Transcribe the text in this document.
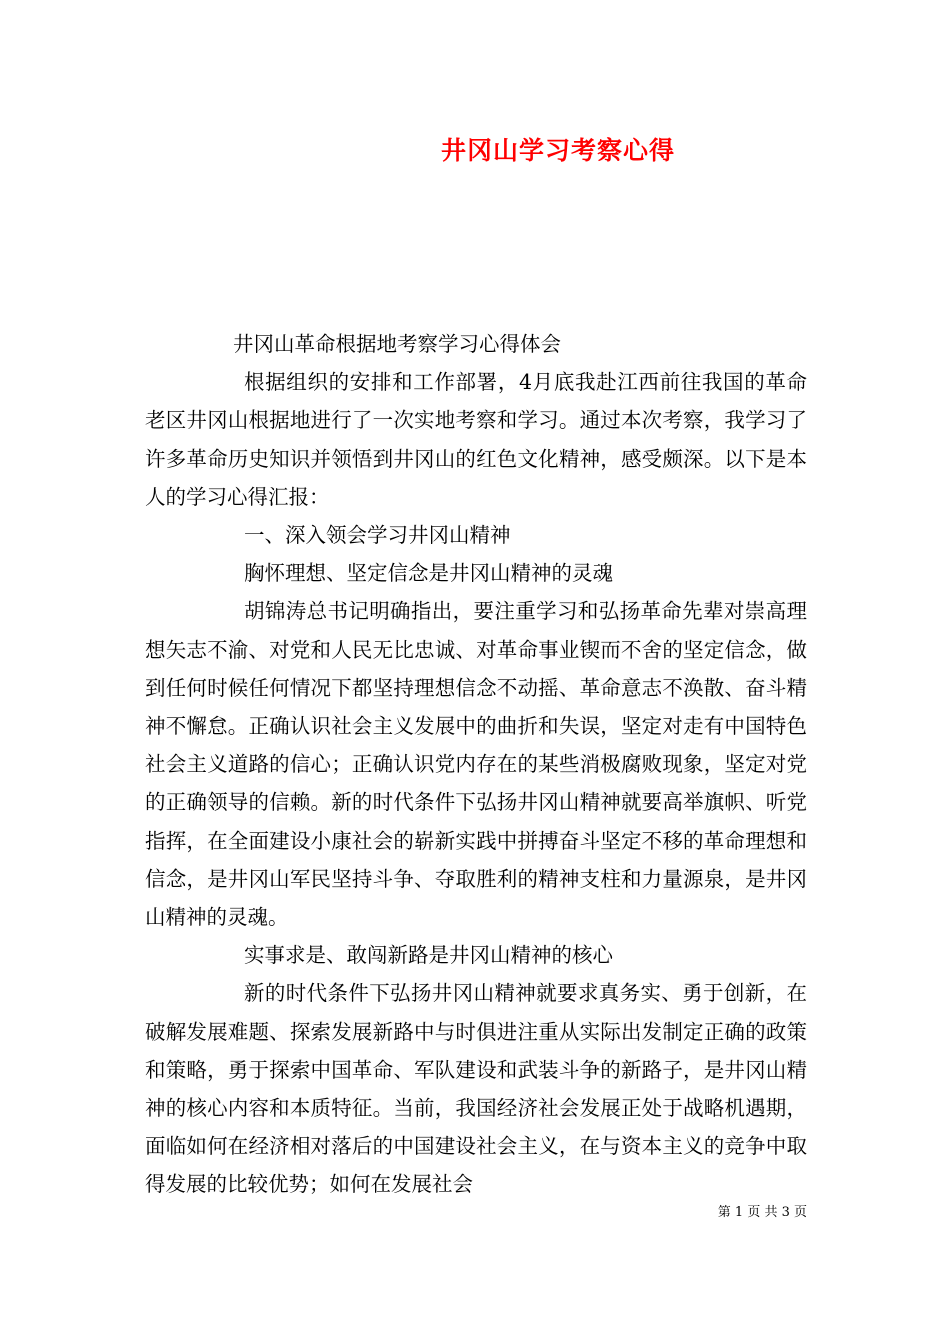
井冈山学习考察心得

井冈山革命根据地考察学习心得体会

根据组织的安排和工作部署，4月底我赴江西前往我国的革命老区井冈山根据地进行了一次实地考察和学习。通过本次考察，我学习了许多革命历史知识并领悟到井冈山的红色文化精神，感受颇深。以下是本人的学习心得汇报：

一、深入领会学习井冈山精神

胸怀理想、坚定信念是井冈山精神的灵魂

胡锦涛总书记明确指出，要注重学习和弘扬革命先辈对崇高理想矢志不渝、对党和人民无比忠诚、对革命事业锲而不舍的坚定信念，做到任何时候任何情况下都坚持理想信念不动摇、革命意志不涣散、奋斗精神不懈怠。正确认识社会主义发展中的曲折和失误，坚定对走有中国特色社会主义道路的信心；正确认识党内存在的某些消极腐败现象，坚定对党的正确领导的信赖。新的时代条件下弘扬井冈山精神就要高举旗帜、听党指挥，在全面建设小康社会的崭新实践中拼搏奋斗坚定不移的革命理想和信念，是井冈山军民坚持斗争、夺取胜利的精神支柱和力量源泉，是井冈山精神的灵魂。

实事求是、敢闯新路是井冈山精神的核心

新的时代条件下弘扬井冈山精神就要求真务实、勇于创新，在破解发展难题、探索发展新路中与时俱进注重从实际出发制定正确的政策和策略，勇于探索中国革命、军队建设和武装斗争的新路子，是井冈山精神的核心内容和本质特征。当前，我国经济社会发展正处于战略机遇期，面临如何在经济相对落后的中国建设社会主义，在与资本主义的竞争中取得发展的比较优势；如何在发展社会

第 1 页 共 3 页
